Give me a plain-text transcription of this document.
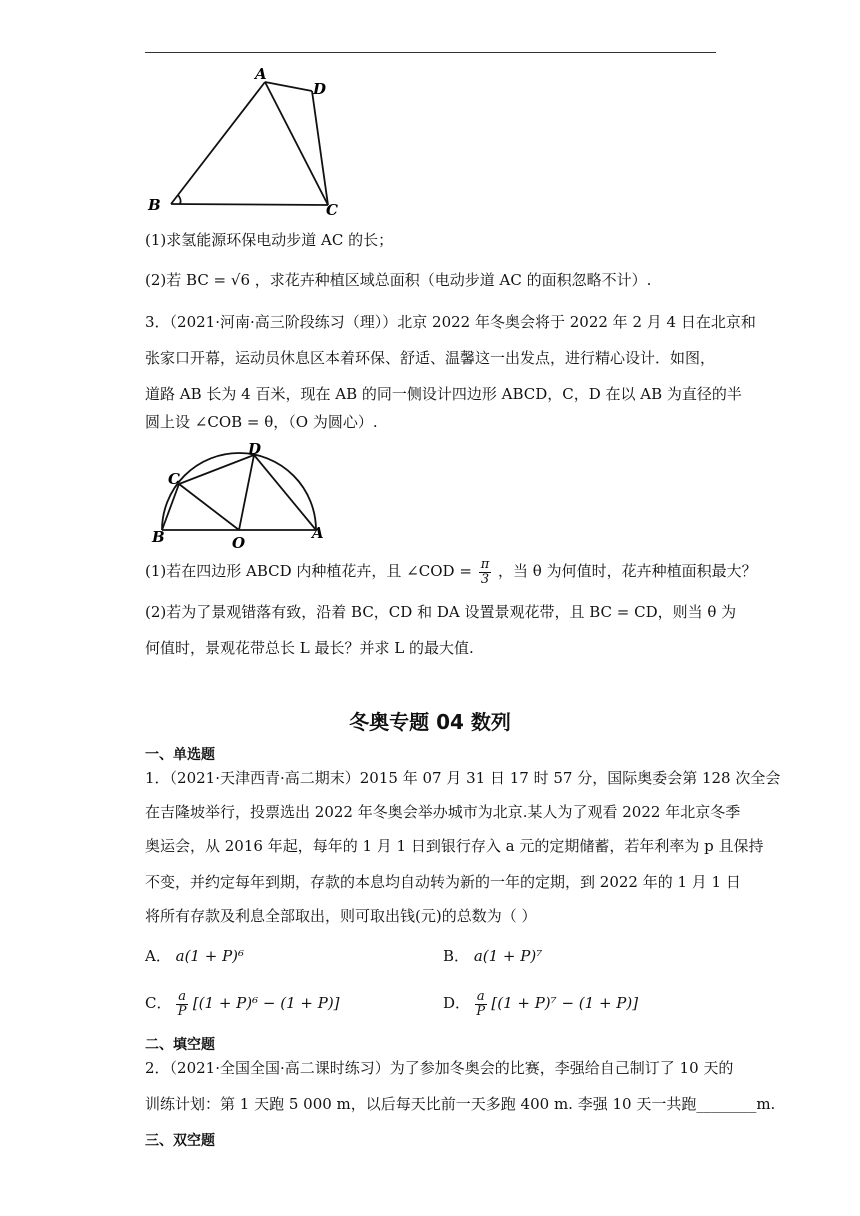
A
B	C
D
(1)求氢能源环保电动步道 AC 的长；
(2)若 BC = √6 ，求花卉种植区域总面积（电动步道 AC 的面积忽略不计）.
3．（2021·河南·高三阶段练习（理））北京 2022 年冬奥会将于 2022 年 2 月 4 日在北京和
张家口开幕，运动员休息区本着环保、舒适、温馨这一出发点，进行精心设计．如图，
道路 AB 长为 4 百米，现在 AB 的同一侧设计四边形 ABCD，C，D 在以 AB 为直径的半
圆上设 ∠COB = θ，（O 为圆心）.
B
C
D
O
A
(1)若在四边形 ABCD 内种植花卉，且 ∠COD = $\frac{\pi}{3}$ ，当 θ 为何值时，花卉种植面积最大？
(2)若为了景观错落有致，沿着 BC，CD 和 DA 设置景观花带，且 BC = CD，则当 θ 为
何值时，景观花带总长 L 最长？并求 L 的最大值.
冬奥专题 04 数列
一、单选题
1．（2021·天津西青·高二期末）2015 年 07 月 31 日 17 时 57 分，国际奥委会第 128 次全会
在吉隆坡举行，投票选出 2022 年冬奥会举办城市为北京.某人为了观看 2022 年北京冬季
奥运会，从 2016 年起，每年的 1 月 1 日到银行存入 a 元的定期储蓄，若年利率为 p 且保持
不变，并约定每年到期，存款的本息均自动转为新的一年的定期，到 2022 年的 1 月 1 日
将所有存款及利息全部取出，则可取出钱(元)的总数为（ ）
A． a(1 + P)⁶	B． a(1 + P)⁷
C． $\frac{a}{P} [(1 + P)^6 - (1 + P)]$	D． $\frac{a}{P} [(1 + P)^7 - (1 + P)]$
二、填空题
2．（2021·全国全国·高二课时练习）为了参加冬奥会的比赛，李强给自己制订了 10 天的
训练计划：第 1 天跑 5 000 m，以后每天比前一天多跑 400 m. 李强 10 天一共跑________m.
三、双空题
